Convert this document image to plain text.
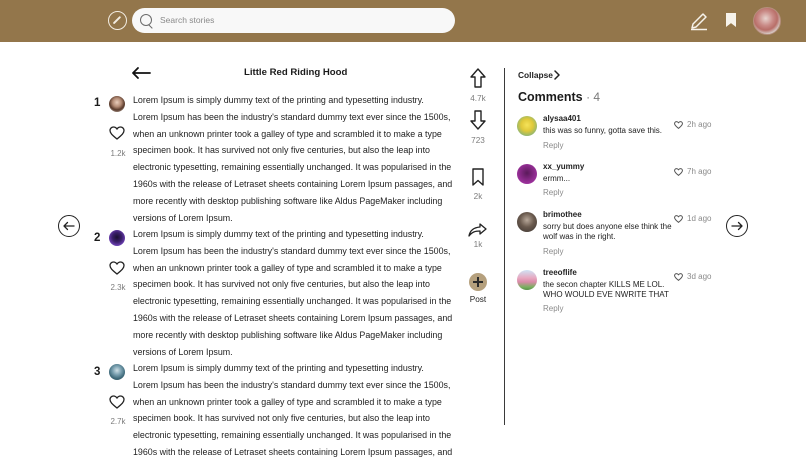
Search stories
Little Red Riding Hood
1
1.2k
Lorem Ipsum is simply dummy text of the printing and typesetting industry.
Lorem Ipsum has been the industry's standard dummy text ever since the 1500s,
when an unknown printer took a galley of type and scrambled it to make a type
specimen book. It has survived not only five centuries, but also the leap into
electronic typesetting, remaining essentially unchanged. It was popularised in the
1960s with the release of Letraset sheets containing Lorem Ipsum passages, and
more recently with desktop publishing software like Aldus PageMaker including
versions of Lorem Ipsum.
2
2.3k
Lorem Ipsum is simply dummy text of the printing and typesetting industry.
Lorem Ipsum has been the industry's standard dummy text ever since the 1500s,
when an unknown printer took a galley of type and scrambled it to make a type
specimen book. It has survived not only five centuries, but also the leap into
electronic typesetting, remaining essentially unchanged. It was popularised in the
1960s with the release of Letraset sheets containing Lorem Ipsum passages, and
more recently with desktop publishing software like Aldus PageMaker including
versions of Lorem Ipsum.
3
2.7k
Lorem Ipsum is simply dummy text of the printing and typesetting industry.
Lorem Ipsum has been the industry's standard dummy text ever since the 1500s,
when an unknown printer took a galley of type and scrambled it to make a type
specimen book. It has survived not only five centuries, but also the leap into
electronic typesetting, remaining essentially unchanged. It was popularised in the
1960s with the release of Letraset sheets containing Lorem Ipsum passages, and
4.7k
723
2k
1k
Post
Collapse
Comments · 4
alysaa401
this was so funny, gotta save this.
Reply
2h ago
xx_yummy
ermm...
Reply
7h ago
brimothee
sorry but does anyone else think the wolf was in the right.
Reply
1d ago
treeoflife
the secon chapter KILLS ME LOL. WHO WOULD EVE NWRITE THAT
Reply
3d ago
